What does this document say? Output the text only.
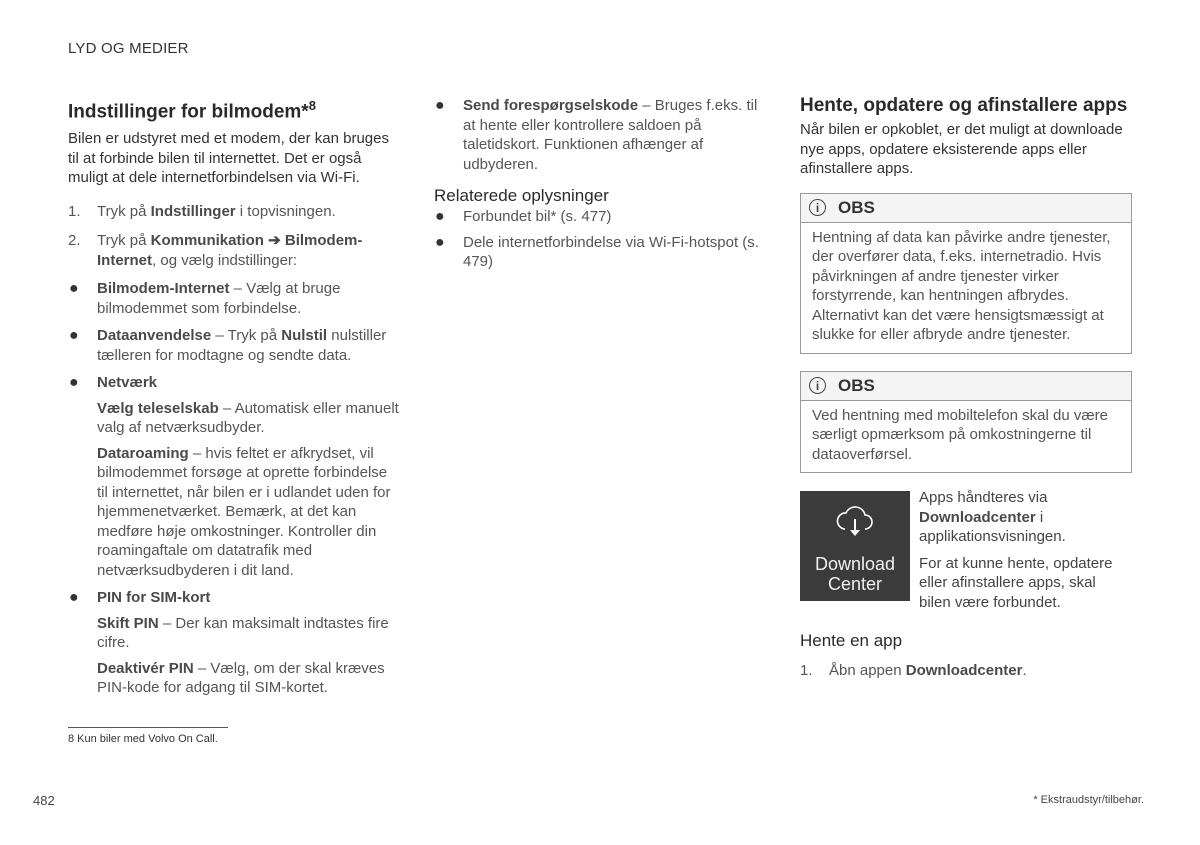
LYD OG MEDIER
Indstillinger for bilmodem*$^8$

Bilen er udstyret med et modem, der kan bruges til at forbinde bilen til internettet. Det er også muligt at dele internetforbindelsen via Wi-Fi.

1. Tryk på Indstillinger i topvisningen.
2. Tryk på Kommunikation ➔ Bilmodem-Internet, og vælg indstillinger:
● Bilmodem-Internet – Vælg at bruge bilmodemmet som forbindelse.
● Dataanvendelse – Tryk på Nulstil nulstiller tælleren for modtagne og sendte data.
● Netværk
Vælg teleselskab – Automatisk eller manuelt valg af netværksudbyder.
Dataroaming – hvis feltet er afkrydset, vil bilmodemmet forsøge at oprette forbindelse til internettet, når bilen er i udlandet uden for hjemmenetværket. Bemærk, at det kan medføre høje omkostninger. Kontroller din roamingaftale om datatrafik med netværksudbyderen i dit land.
● PIN for SIM-kort
Skift PIN – Der kan maksimalt indtastes fire cifre.
Deaktivér PIN – Vælg, om der skal kræves PIN-kode for adgang til SIM-kortet.
● Send forespørgselskode – Bruges f.eks. til at hente eller kontrollere saldoen på taletidskort. Funktionen afhænger af udbyderen.
Relaterede oplysninger
● Forbundet bil* (s. 477)
● Dele internetforbindelse via Wi-Fi-hotspot (s. 479)
Hente, opdatere og afinstallere apps

Når bilen er opkoblet, er det muligt at downloade nye apps, opdatere eksisterende apps eller afinstallere apps.

i	OBS
Hentning af data kan påvirke andre tjenester, der overfører data, f.eks. internetradio. Hvis påvirkningen af andre tjenester virker forstyrrende, kan hentningen afbrydes. Alternativt kan det være hensigtsmæssigt at slukke for eller afbryde andre tjenester.
i	OBS
Ved hentning med mobiltelefon skal du være særligt opmærksom på omkostningerne til dataoverførsel.
Download Center

Apps håndteres via Downloadcenter i applikationsvisningen.

For at kunne hente, opdatere eller afinstallere apps, skal bilen være forbundet.

Hente en app
1. Åbn appen Downloadcenter.
8 Kun biler med Volvo On Call.
482	* Ekstraudstyr/tilbehør.
